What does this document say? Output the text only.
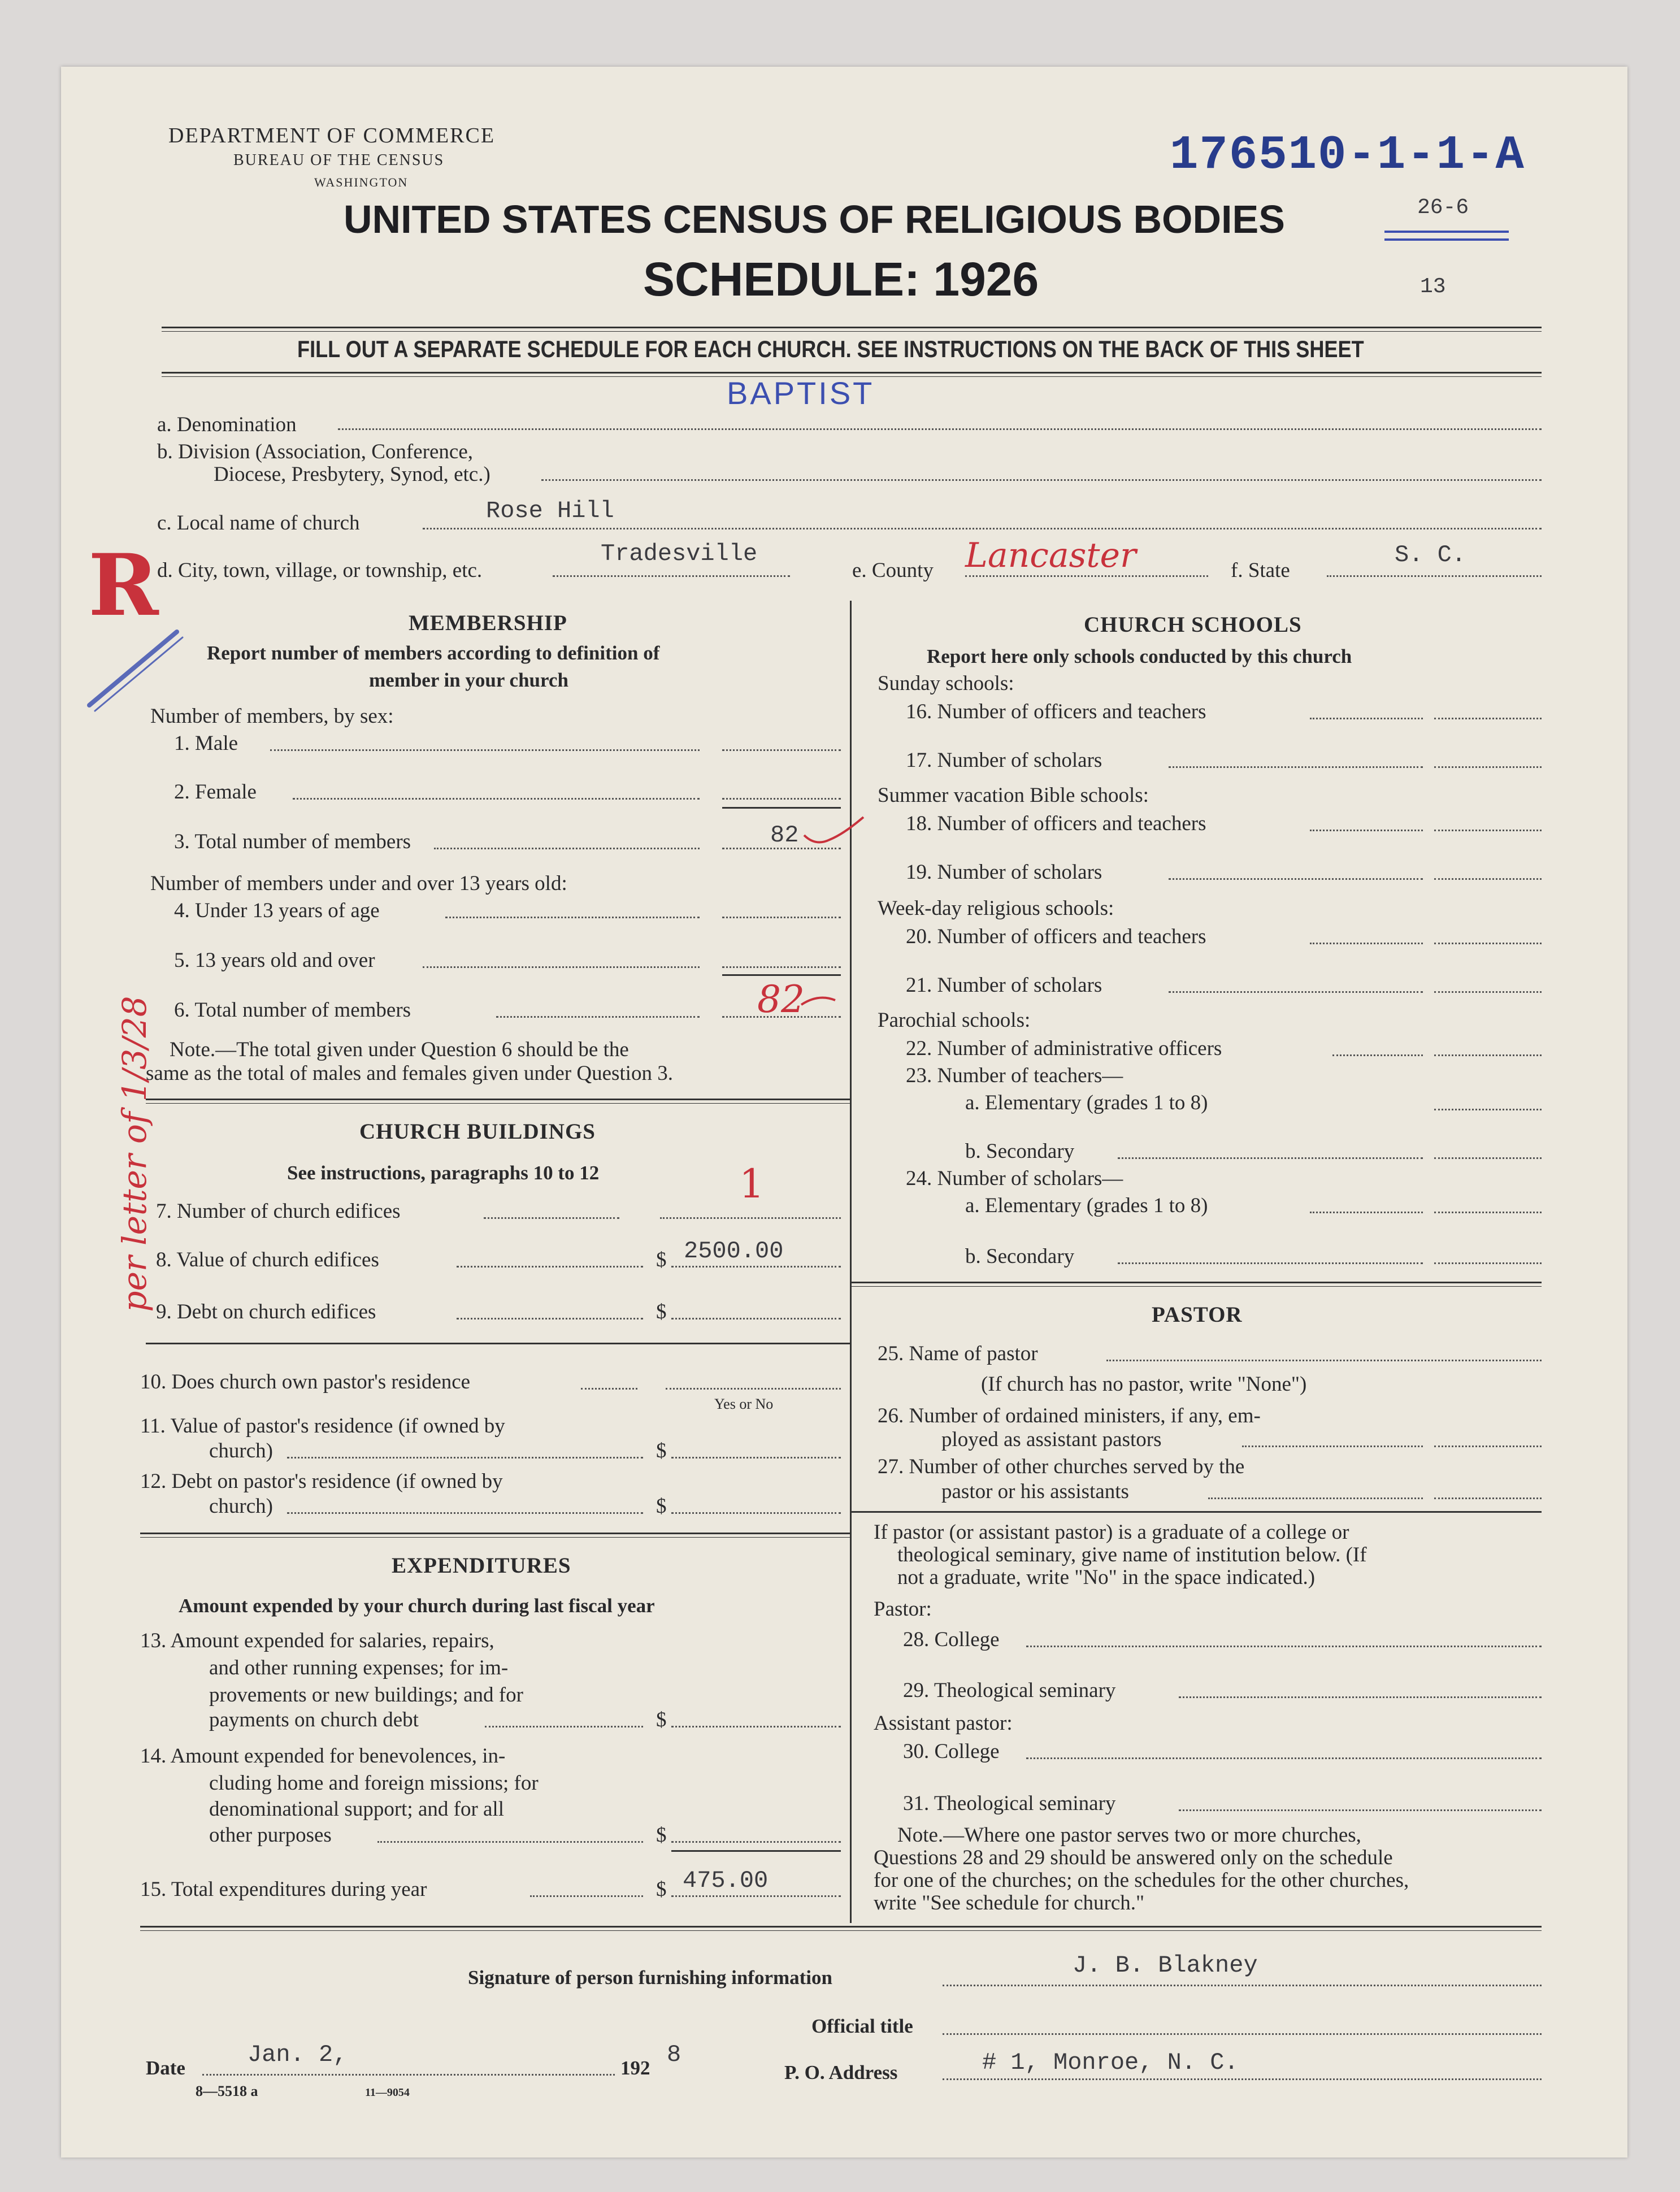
DEPARTMENT OF COMMERCE
BUREAU OF THE CENSUS
WASHINGTON	176510-1-1-A
UNITED STATES CENSUS OF RELIGIOUS BODIES	26-6
SCHEDULE: 1926	13
FILL OUT A SEPARATE SCHEDULE FOR EACH CHURCH. SEE INSTRUCTIONS ON THE BACK OF THIS SHEET
BAPTIST
a. Denomination
b. Division (Association, Conference,
Diocese, Presbytery, Synod, etc.)
Rose Hill
c. Local name of church
Tradesville
d. City, town, village, or township, etc.	e. County Lancaster	f. State
S. C.
MEMBERSHIP
Report number of members according to definition of
member in your church
Number of members, by sex:
1. Male
2. Female
3. Total number of members	82
Number of members under and over 13 years old:
4. Under 13 years of age
5. 13 years old and over
6. Total number of members	82
Note.—The total given under Question 6 should be the
same as the total of males and females given under Question 3.
CHURCH BUILDINGS
See instructions, paragraphs 10 to 12
7. Number of church edifices
1
8. Value of church edifices	$ 2500.00
9. Debt on church edifices	$
10. Does church own pastor's residence
Yes or No
11. Value of pastor's residence (if owned by
church)	$
12. Debt on pastor's residence (if owned by
church)	$
EXPENDITURES
Amount expended by your church during last fiscal year
13. Amount expended for salaries, repairs,
and other running expenses; for im-
provements or new buildings; and for
payments on church debt	$
14. Amount expended for benevolences, in-
cluding home and foreign missions; for
denominational support; and for all
other purposes	$
15. Total expenditures during year	$ 475.00
CHURCH SCHOOLS
Report here only schools conducted by this church
Sunday schools:
16. Number of officers and teachers
17. Number of scholars
Summer vacation Bible schools:
18. Number of officers and teachers
19. Number of scholars
Week-day religious schools:
20. Number of officers and teachers
21. Number of scholars
Parochial schools:
22. Number of administrative officers
23. Number of teachers—
a. Elementary (grades 1 to 8)
b. Secondary
24. Number of scholars—
a. Elementary (grades 1 to 8)
b. Secondary
PASTOR
25. Name of pastor
(If church has no pastor, write "None")
26. Number of ordained ministers, if any, em-
ployed as assistant pastors
27. Number of other churches served by the
pastor or his assistants
If pastor (or assistant pastor) is a graduate of a college or
theological seminary, give name of institution below. (If
not a graduate, write "No" in the space indicated.)
Pastor:
28. College
29. Theological seminary
Assistant pastor:
30. College
31. Theological seminary
Note.—Where one pastor serves two or more churches,
Questions 28 and 29 should be answered only on the schedule
for one of the churches; on the schedules for the other churches,
write "See schedule for church."
Signature of person furnishing information	J. B. Blakney
Official title
Date	Jan. 2,	192 8
P. O. Address	# 1, Monroe, N. C.
8—5518 a	11—9054
R
per letter of 1/3/28
